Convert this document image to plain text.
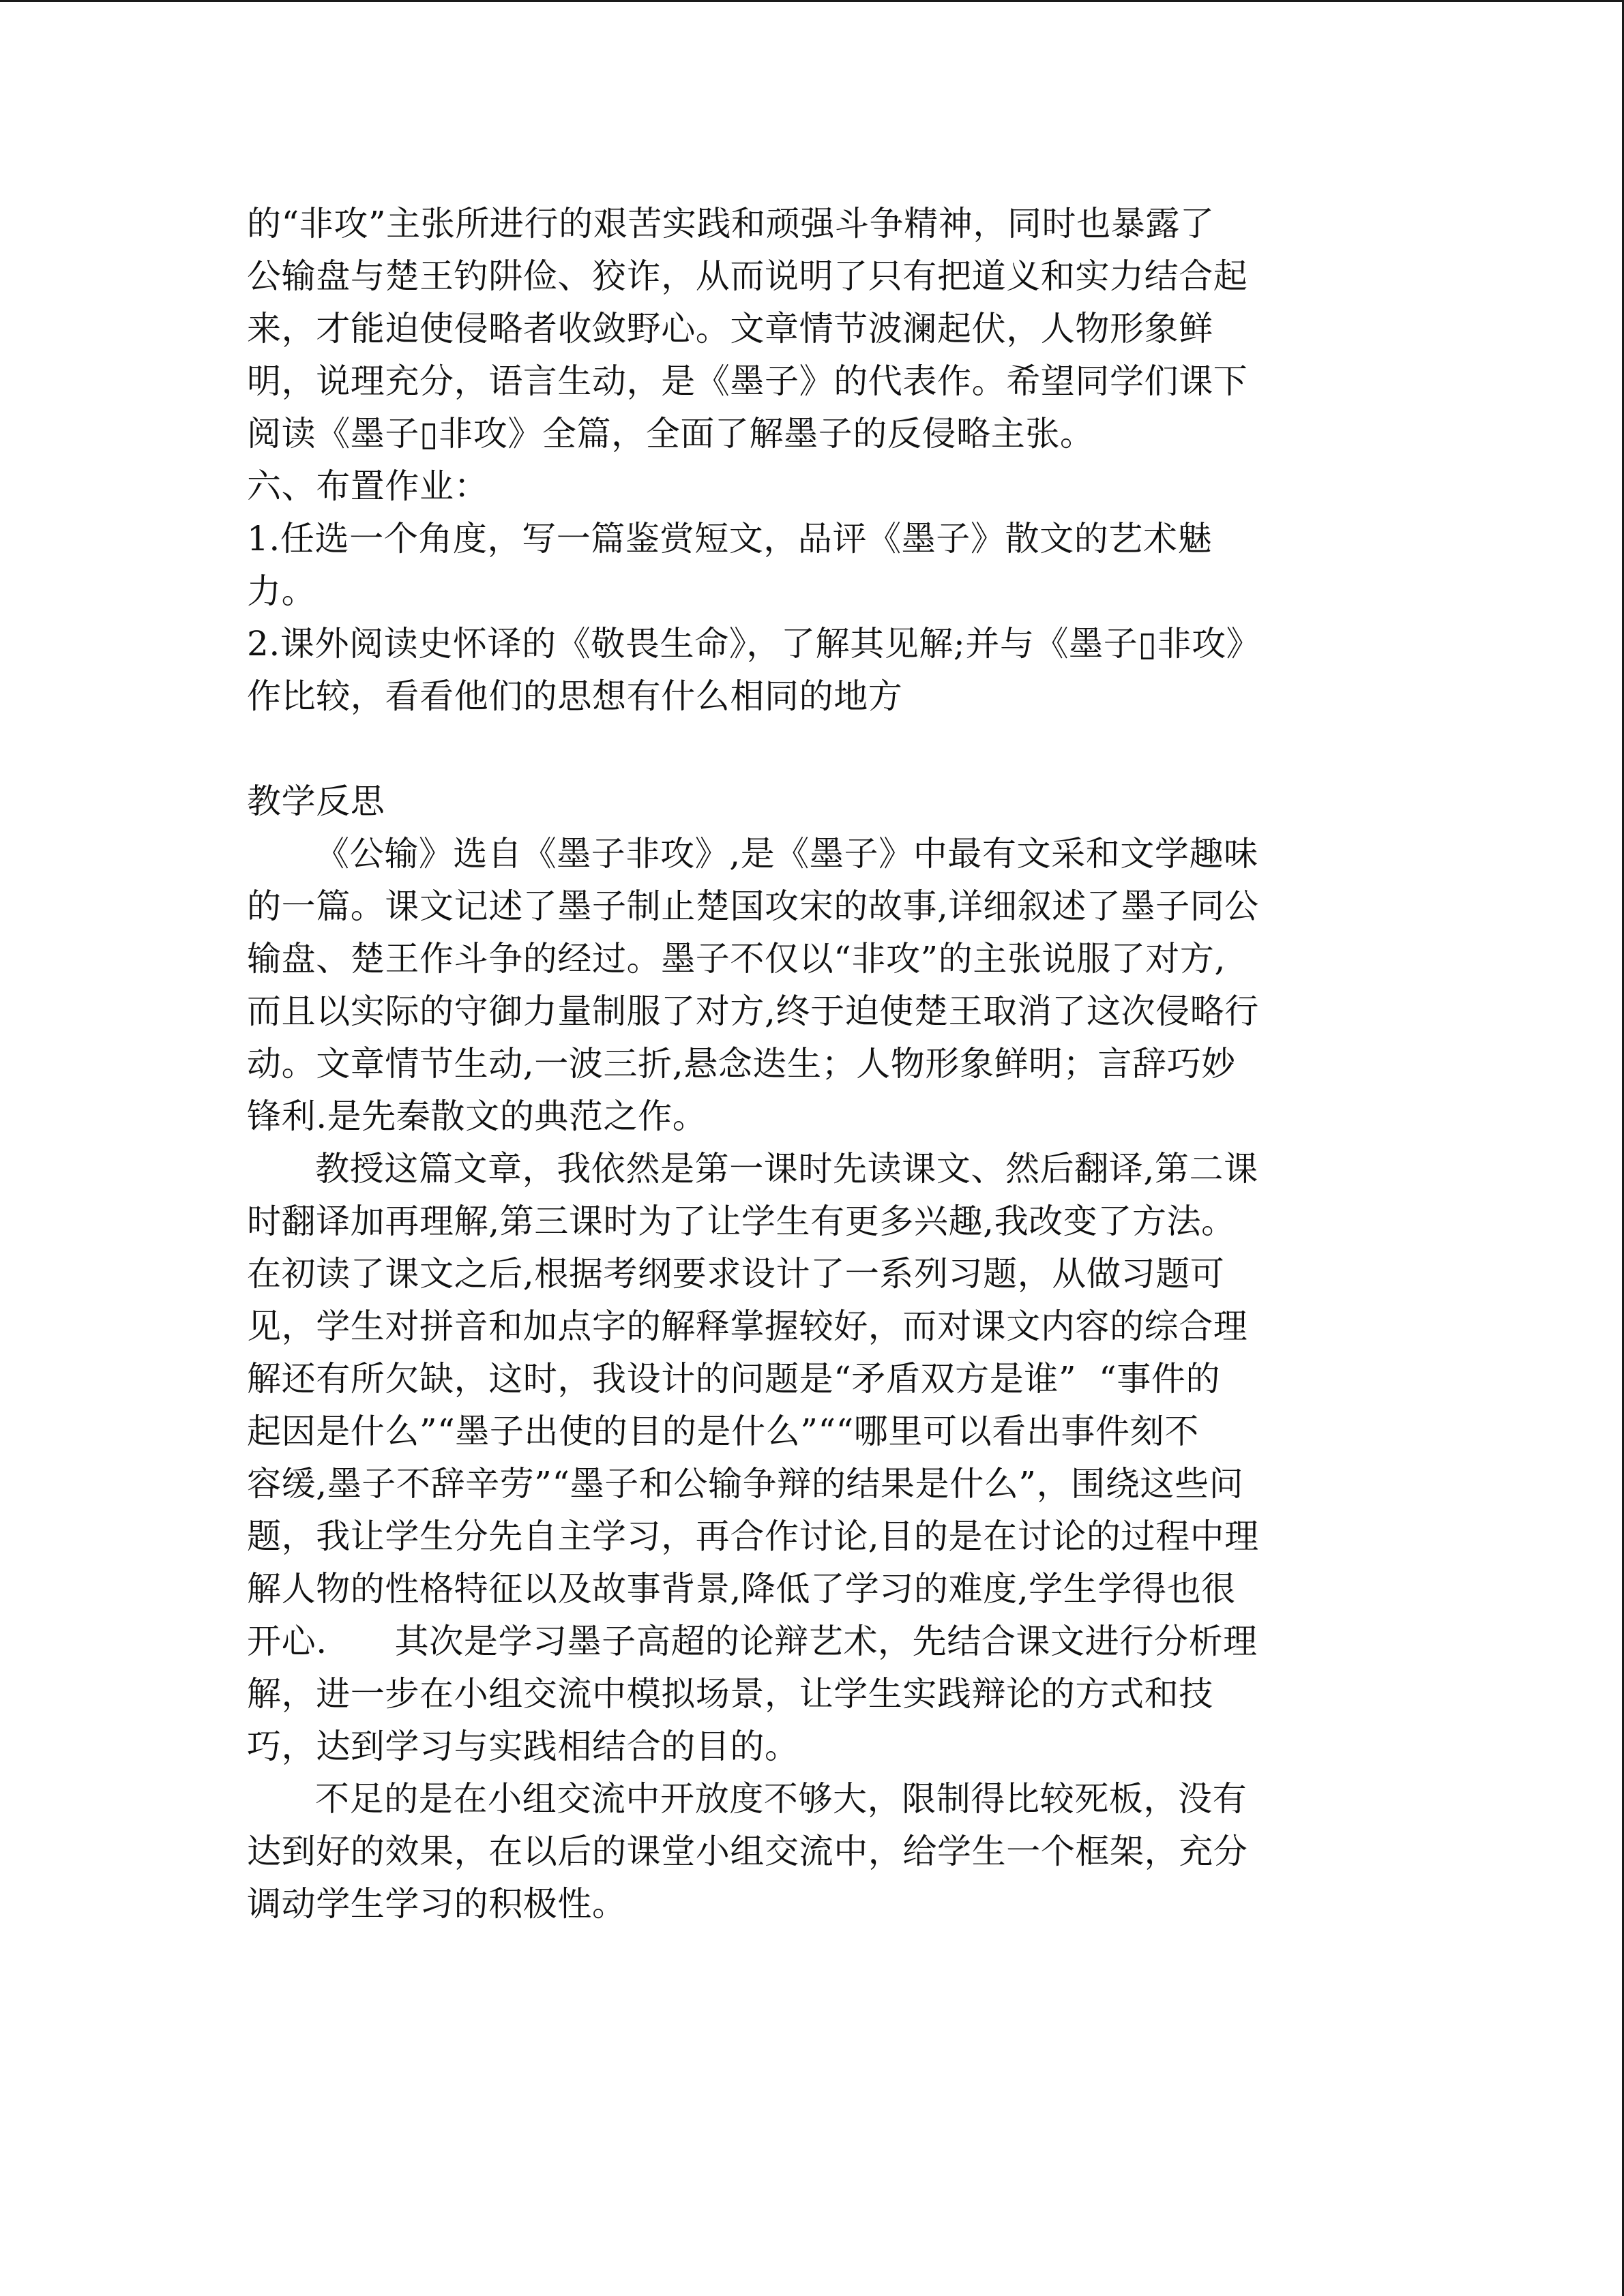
的“非攻”主张所进行的艰苦实践和顽强斗争精神，同时也暴露了
公输盘与楚王钓阱俭、狡诈，从而说明了只有把道义和实力结合起
来，才能迫使侵略者收敛野心。文章情节波澜起伏，人物形象鲜
明，说理充分，语言生动，是《墨子》的代表作。希望同学们课下
阅读《墨子▯非攻》全篇，全面了解墨子的反侵略主张。
六、布置作业：
1.任选一个角度，写一篇鉴赏短文，品评《墨子》散文的艺术魅
力。
2.课外阅读史怀译的《敬畏生命》，了解其见解;并与《墨子▯非攻》
作比较，看看他们的思想有什么相同的地方
教学反思
《公输》选自《墨子非攻》,是《墨子》中最有文采和文学趣味
的一篇。课文记述了墨子制止楚国攻宋的故事,详细叙述了墨子同公
输盘、楚王作斗争的经过。墨子不仅以“非攻”的主张说服了对方,
而且以实际的守御力量制服了对方,终于迫使楚王取消了这次侵略行
动。文章情节生动,一波三折,悬念迭生；人物形象鲜明；言辞巧妙
锋利.是先秦散文的典范之作。
教授这篇文章，我依然是第一课时先读课文、然后翻译,第二课
时翻译加再理解,第三课时为了让学生有更多兴趣,我改变了方法。
在初读了课文之后,根据考纲要求设计了一系列习题，从做习题可
见，学生对拼音和加点字的解释掌握较好，而对课文内容的综合理
解还有所欠缺，这时，我设计的问题是“矛盾双方是谁”  “事件的
起因是什么”“墨子出使的目的是什么”““哪里可以看出事件刻不
容缓,墨子不辞辛劳”“墨子和公输争辩的结果是什么”，围绕这些问
题，我让学生分先自主学习，再合作讨论,目的是在讨论的过程中理
解人物的性格特征以及故事背景,降低了学习的难度,学生学得也很
开心.      其次是学习墨子高超的论辩艺术，先结合课文进行分析理
解，进一步在小组交流中模拟场景，让学生实践辩论的方式和技
巧，达到学习与实践相结合的目的。
不足的是在小组交流中开放度不够大，限制得比较死板，没有
达到好的效果，在以后的课堂小组交流中，给学生一个框架，充分
调动学生学习的积极性。
